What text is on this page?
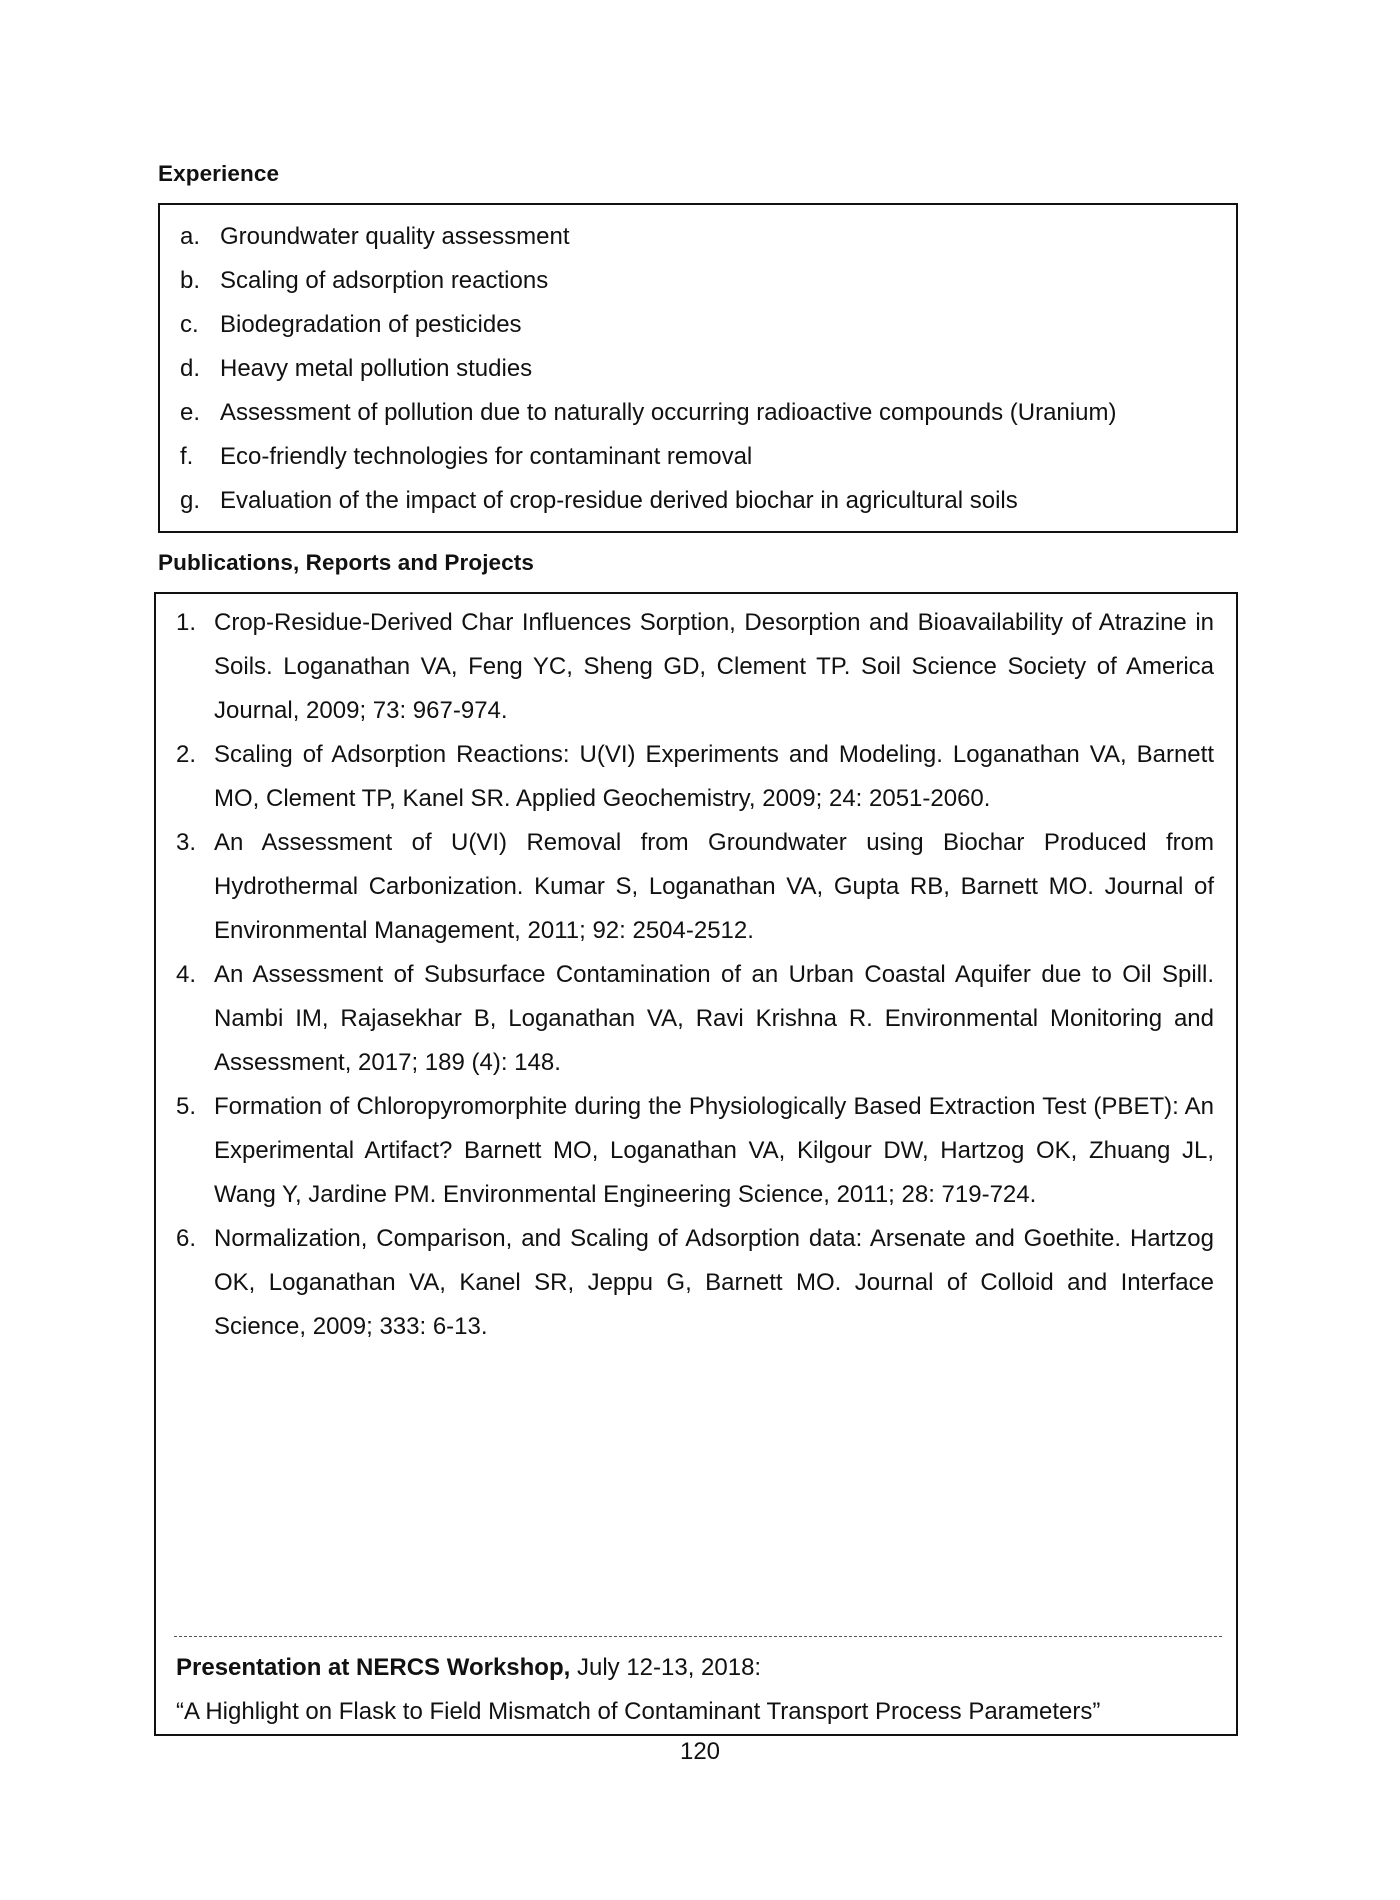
Experience
a. Groundwater quality assessment
b. Scaling of adsorption reactions
c. Biodegradation of pesticides
d. Heavy metal pollution studies
e. Assessment of pollution due to naturally occurring radioactive compounds (Uranium)
f.	Eco-friendly technologies for contaminant removal
g. Evaluation of the impact of crop-residue derived biochar in agricultural soils
Publications, Reports and Projects
1. Crop-Residue-Derived Char Influences Sorption, Desorption and Bioavailability of Atrazine in Soils. Loganathan VA, Feng YC, Sheng GD, Clement TP. Soil Science Society of America Journal, 2009; 73: 967-974.
2. Scaling of Adsorption Reactions: U(VI) Experiments and Modeling. Loganathan VA, Barnett MO, Clement TP, Kanel SR. Applied Geochemistry, 2009; 24: 2051-2060.
3. An Assessment of U(VI) Removal from Groundwater using Biochar Produced from Hydrothermal Carbonization. Kumar S, Loganathan VA, Gupta RB, Barnett MO. Journal of Environmental Management, 2011; 92: 2504-2512.
4. An Assessment of Subsurface Contamination of an Urban Coastal Aquifer due to Oil Spill. Nambi IM, Rajasekhar B, Loganathan VA, Ravi Krishna R. Environmental Monitoring and Assessment, 2017; 189 (4): 148.
5. Formation of Chloropyromorphite during the Physiologically Based Extraction Test (PBET): An Experimental Artifact? Barnett MO, Loganathan VA, Kilgour DW, Hartzog OK, Zhuang JL, Wang Y, Jardine PM. Environmental Engineering Science, 2011; 28: 719-724.
6. Normalization, Comparison, and Scaling of Adsorption data: Arsenate and Goethite. Hartzog OK, Loganathan VA, Kanel SR, Jeppu G, Barnett MO. Journal of Colloid and Interface Science, 2009; 333: 6-13.
Presentation at NERCS Workshop, July 12-13, 2018:
“A Highlight on Flask to Field Mismatch of Contaminant Transport Process Parameters”
120
